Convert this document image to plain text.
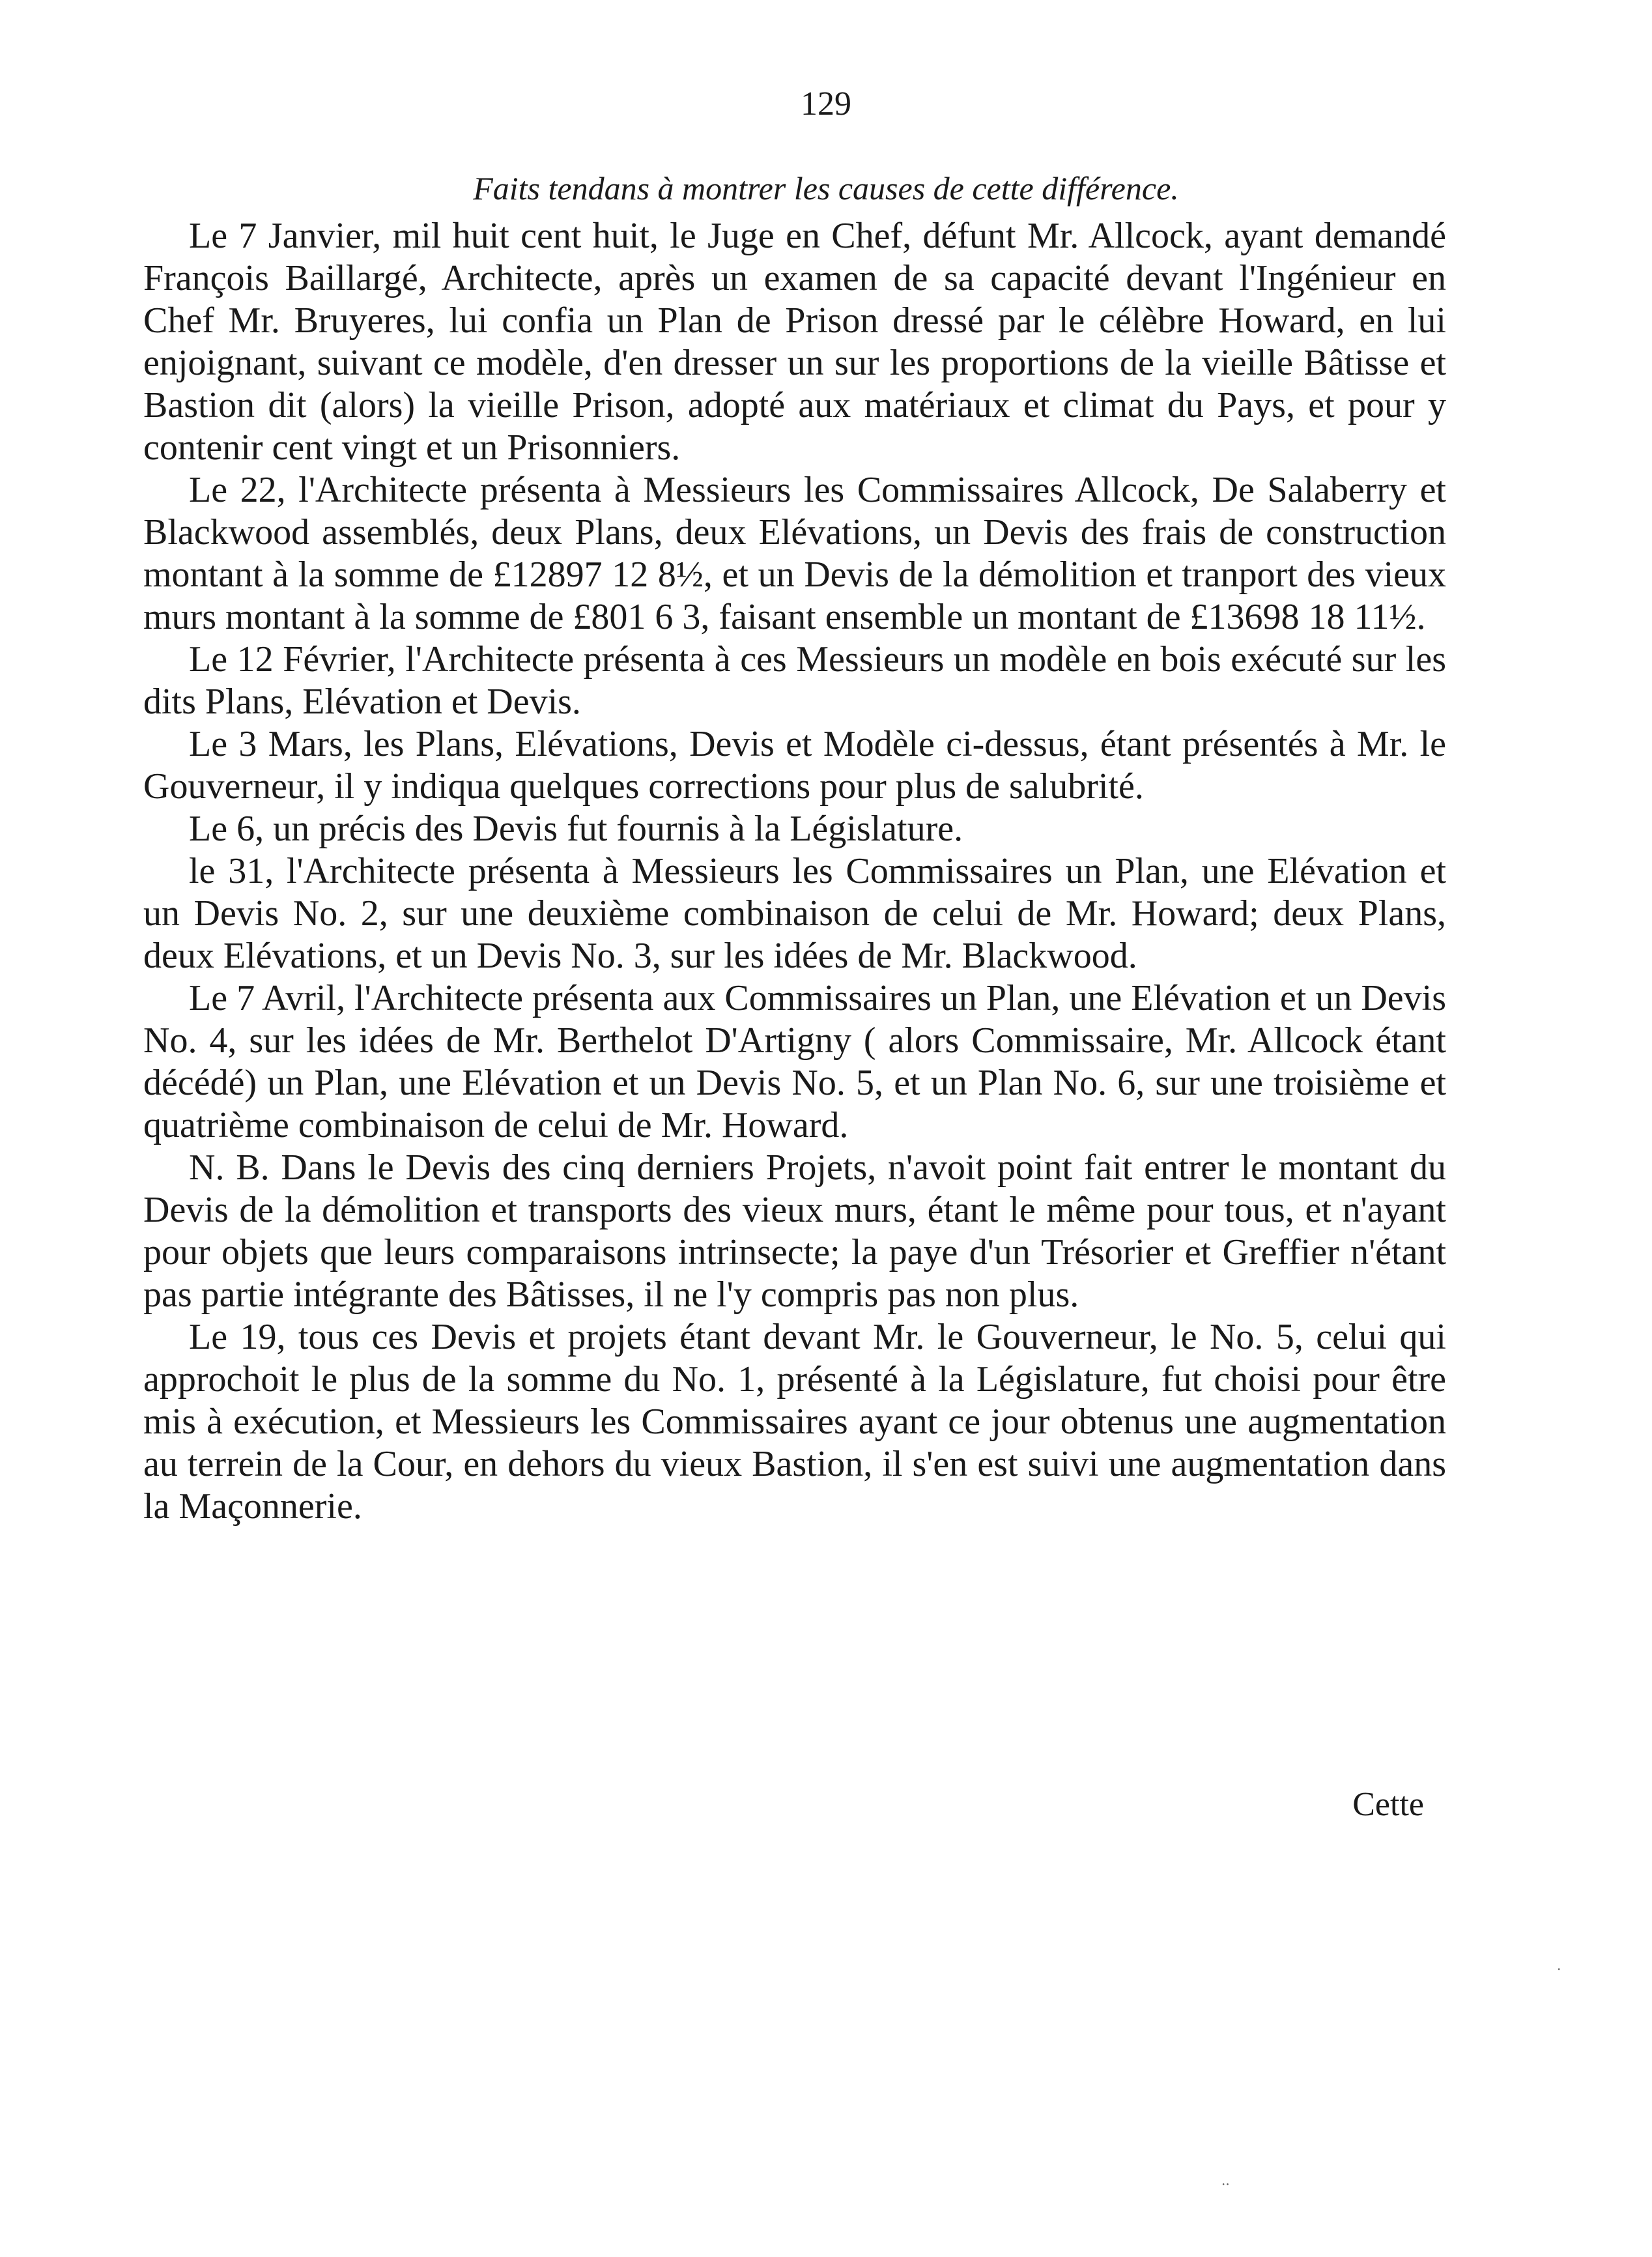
129
Faits tendans à montrer les causes de cette différence.

Le 7 Janvier, mil huit cent huit, le Juge en Chef, défunt Mr. Allcock, ayant demandé François Baillargé, Architecte, après un examen de sa capacité devant l'Ingénieur en Chef Mr. Bruyeres, lui confia un Plan de Prison dressé par le célèbre Howard, en lui enjoignant, suivant ce modèle, d'en dresser un sur les proportions de la vieille Bâtisse et Bastion dit (alors) la vieille Prison, adopté aux matériaux et climat du Pays, et pour y contenir cent vingt et un Prisonniers.

Le 22, l'Architecte présenta à Messieurs les Commissaires Allcock, De Salaberry et Blackwood assemblés, deux Plans, deux Elévations, un Devis des frais de construction montant à la somme de £12897 12 8½, et un Devis de la démolition et tranport des vieux murs montant à la somme de £801 6 3, faisant ensemble un montant de £13698 18 11½.

Le 12 Février, l'Architecte présenta à ces Messieurs un modèle en bois exécuté sur les dits Plans, Elévation et Devis.

Le 3 Mars, les Plans, Elévations, Devis et Modèle ci-dessus, étant présentés à Mr. le Gouverneur, il y indiqua quelques corrections pour plus de salubrité.

Le 6, un précis des Devis fut fournis à la Législature.

le 31, l'Architecte présenta à Messieurs les Commissaires un Plan, une Elévation et un Devis No. 2, sur une deuxième combinaison de celui de Mr. Howard; deux Plans, deux Elévations, et un Devis No. 3, sur les idées de Mr. Blackwood.

Le 7 Avril, l'Architecte présenta aux Commissaires un Plan, une Elévation et un Devis No. 4, sur les idées de Mr. Berthelot D'Artigny ( alors Commissaire, Mr. Allcock étant décédé) un Plan, une Elévation et un Devis No. 5, et un Plan No. 6, sur une troisième et quatrième combinaison de celui de Mr. Howard.

N. B. Dans le Devis des cinq derniers Projets, n'avoit point fait entrer le montant du Devis de la démolition et transports des vieux murs, étant le même pour tous, et n'ayant pour objets que leurs comparaisons intrinsecte; la paye d'un Trésorier et Greffier n'étant pas partie intégrante des Bâtisses, il ne l'y compris pas non plus.

Le 19, tous ces Devis et projets étant devant Mr. le Gouverneur, le No. 5, celui qui approchoit le plus de la somme du No. 1, présenté à la Législature, fut choisi pour être mis à exécution, et Messieurs les Commissaires ayant ce jour obtenus une augmentation au terrein de la Cour, en dehors du vieux Bastion, il s'en est suivi une augmentation dans la Maçonnerie.

Cette
·
··
